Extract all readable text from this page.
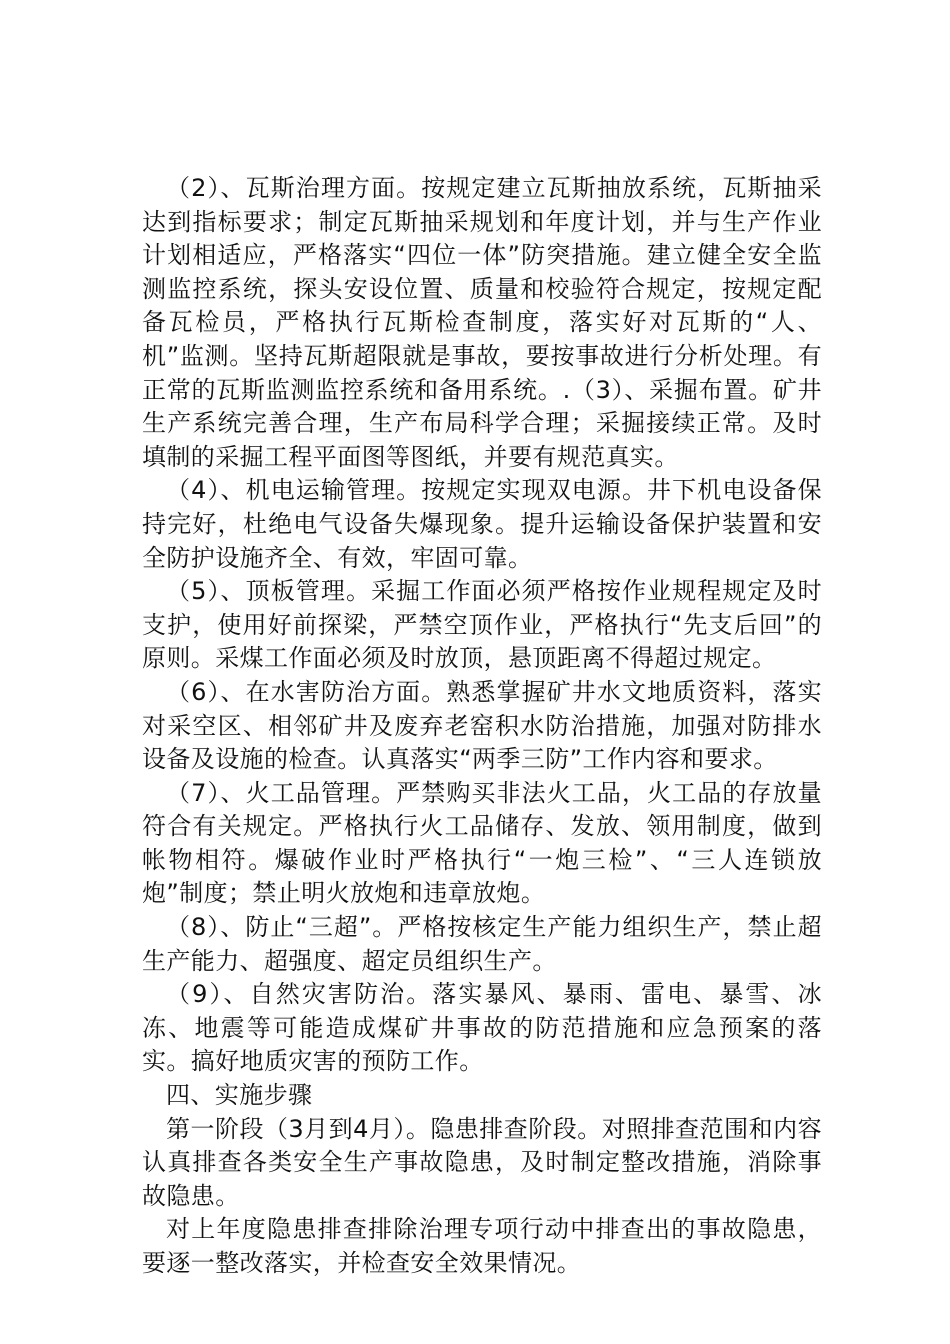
（2）、瓦斯治理方面。按规定建立瓦斯抽放系统，瓦斯抽采达到指标要求；制定瓦斯抽采规划和年度计划，并与生产作业计划相适应，严格落实“四位一体”防突措施。建立健全安全监测监控系统，探头安设位置、质量和校验符合规定，按规定配备瓦检员，严格执行瓦斯检查制度，落实好对瓦斯的“人、机”监测。坚持瓦斯超限就是事故，要按事故进行分析处理。有正常的瓦斯监测监控系统和备用系统。.（3）、采掘布置。矿井生产系统完善合理，生产布局科学合理；采掘接续正常。及时填制的采掘工程平面图等图纸，并要有规范真实。

（4）、机电运输管理。按规定实现双电源。井下机电设备保持完好，杜绝电气设备失爆现象。提升运输设备保护装置和安全防护设施齐全、有效，牢固可靠。

（5）、顶板管理。采掘工作面必须严格按作业规程规定及时支护，使用好前探梁，严禁空顶作业，严格执行“先支后回”的原则。采煤工作面必须及时放顶，悬顶距离不得超过规定。

（6）、在水害防治方面。熟悉掌握矿井水文地质资料，落实对采空区、相邻矿井及废弃老窑积水防治措施，加强对防排水设备及设施的检查。认真落实“两季三防”工作内容和要求。

（7）、火工品管理。严禁购买非法火工品，火工品的存放量符合有关规定。严格执行火工品储存、发放、领用制度，做到帐物相符。爆破作业时严格执行“一炮三检”、“三人连锁放炮”制度；禁止明火放炮和违章放炮。

（8）、防止“三超”。严格按核定生产能力组织生产，禁止超生产能力、超强度、超定员组织生产。

（9）、自然灾害防治。落实暴风、暴雨、雷电、暴雪、冰冻、地震等可能造成煤矿井事故的防范措施和应急预案的落实。搞好地质灾害的预防工作。

四、实施步骤

第一阶段（3月到4月）。隐患排查阶段。对照排查范围和内容认真排查各类安全生产事故隐患，及时制定整改措施，消除事故隐患。

对上年度隐患排查排除治理专项行动中排查出的事故隐患，要逐一整改落实，并检查安全效果情况。
